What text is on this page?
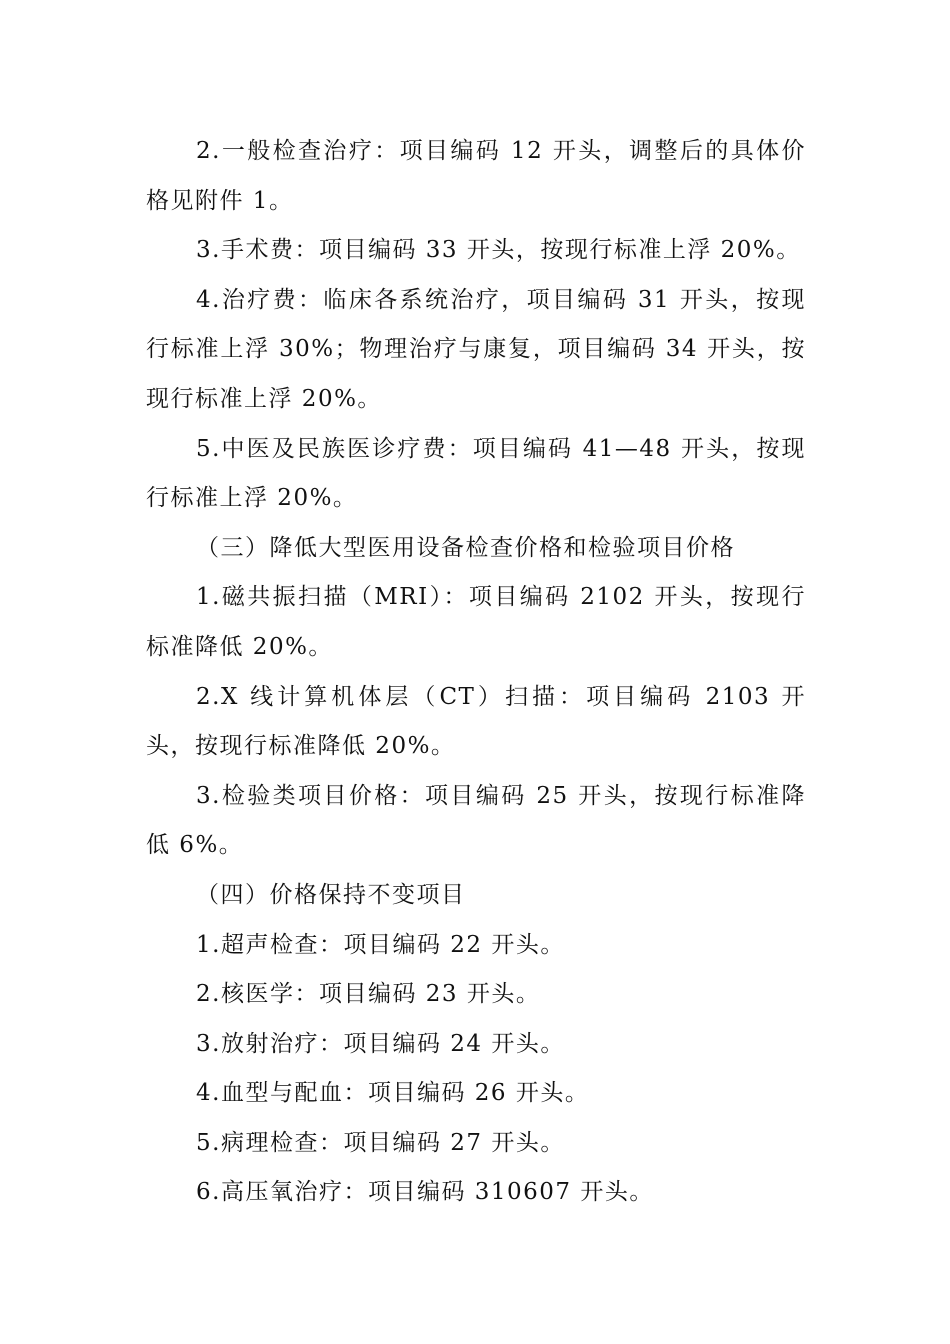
2.一般检查治疗：项目编码 12 开头，调整后的具体价格见附件 1。

3.手术费：项目编码 33 开头，按现行标准上浮 20%。

4.治疗费：临床各系统治疗，项目编码 31 开头，按现行标准上浮 30%；物理治疗与康复，项目编码 34 开头，按现行标准上浮 20%。

5.中医及民族医诊疗费：项目编码 41—48 开头，按现行标准上浮 20%。

（三）降低大型医用设备检查价格和检验项目价格

1.磁共振扫描（MRI）：项目编码 2102 开头，按现行标准降低 20%。

2.X 线计算机体层（CT）扫描：项目编码 2103 开头，按现行标准降低 20%。

3.检验类项目价格：项目编码 25 开头，按现行标准降低 6%。

（四）价格保持不变项目

1.超声检查：项目编码 22 开头。

2.核医学：项目编码 23 开头。

3.放射治疗：项目编码 24 开头。

4.血型与配血：项目编码 26 开头。

5.病理检查：项目编码 27 开头。

6.高压氧治疗：项目编码 310607 开头。
